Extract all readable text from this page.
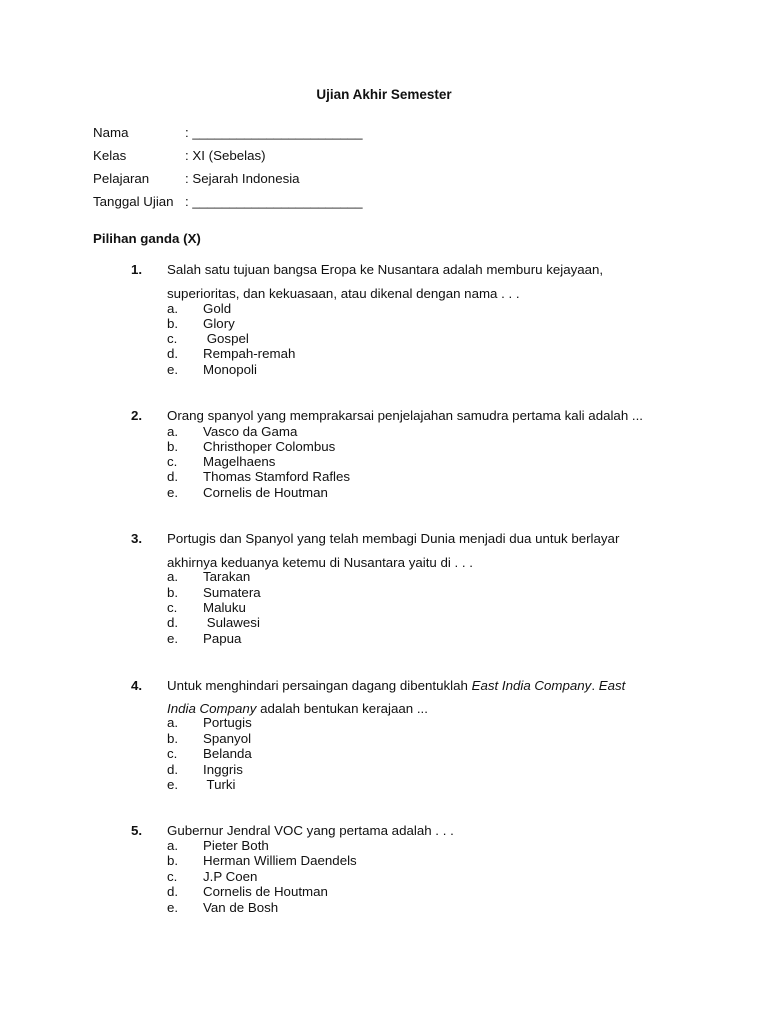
Ujian Akhir Semester
Nama	: _______________________
Kelas	: XI (Sebelas)
Pelajaran	: Sejarah Indonesia
Tanggal Ujian : _______________________
Pilihan ganda (X)
1. Salah satu tujuan bangsa Eropa ke Nusantara adalah memburu kejayaan,
superioritas, dan kekuasaan, atau dikenal dengan nama . . .
a. Gold
b. Glory
c. Gospel
d. Rempah-remah
e. Monopoli
2. Orang spanyol yang memprakarsai penjelajahan samudra pertama kali adalah ...
a. Vasco da Gama
b. Christhoper Colombus
c. Magelhaens
d. Thomas Stamford Rafles
e. Cornelis de Houtman
3. Portugis dan Spanyol yang telah membagi Dunia menjadi dua untuk berlayar
akhirnya keduanya ketemu di Nusantara yaitu di . . .
a. Tarakan
b. Sumatera
c. Maluku
d. Sulawesi
e. Papua
4. Untuk menghindari persaingan dagang dibentuklah East India Company. East
India Company adalah bentukan kerajaan ...
a. Portugis
b. Spanyol
c. Belanda
d. Inggris
e. Turki
5. Gubernur Jendral VOC yang pertama adalah . . .
a. Pieter Both
b. Herman Williem Daendels
c. J.P Coen
d. Cornelis de Houtman
e. Van de Bosh
